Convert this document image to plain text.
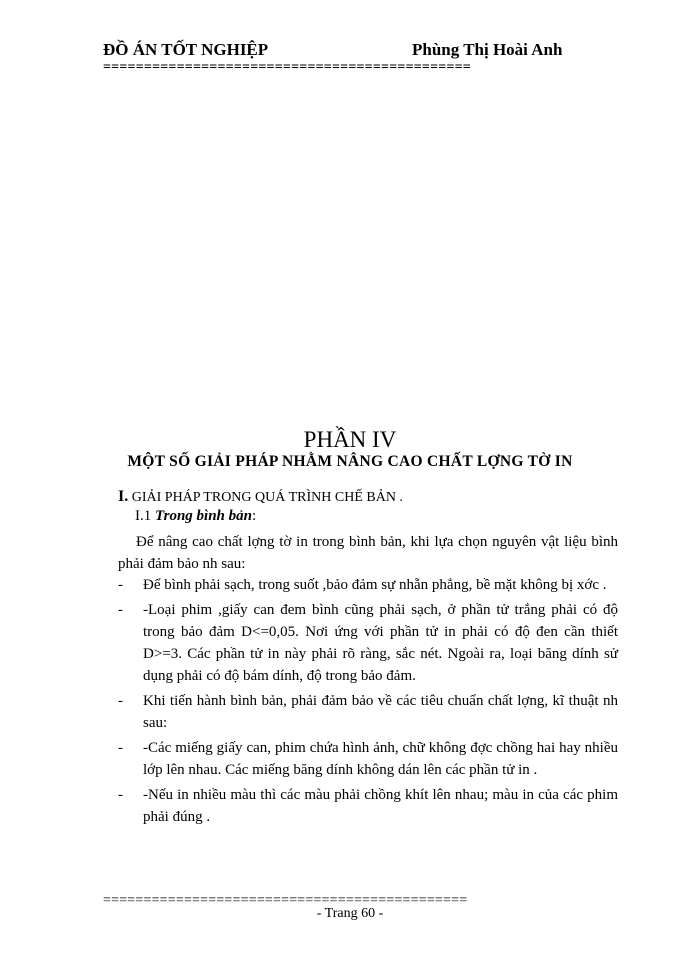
ĐỒ ÁN TỐT NGHIỆP	Phùng Thị Hoài Anh
=============================================
PHẦN IV
MỘT SỐ GIẢI PHÁP NHẰM NÂNG CAO CHẤT LỢNG TỜ IN
I. GIẢI PHÁP TRONG QUÁ TRÌNH CHẾ BẢN .
I.1 Trong bình bản:
Để nâng cao chất lợng tờ in trong bình bản, khi lựa chọn nguyên vật liệu bình phải đảm bảo nh sau:
-	Để bình phải sạch, trong suốt ,bảo đảm sự nhẵn phẳng, bề mặt không bị xớc .
-	-Loại phim ,giấy can đem bình cũng phải sạch, ở phần tử trắng phải có độ trong bảo đảm D<=0,05. Nơi ứng với phần tử in phải có độ đen cần thiết D>=3. Các phần tử in này phải rõ ràng, sắc nét. Ngoài ra, loại băng dính sử dụng phải có độ bám dính, độ trong bảo đảm.
-	Khi tiến hành bình bản, phải đảm bảo về các tiêu chuẩn chất lợng, kĩ thuật nh sau:
-	-Các miếng giấy can, phim chứa hình ảnh, chữ không đợc chồng hai hay nhiều lớp lên nhau. Các miếng băng dính không dán lên các phần tử in .
-	-Nếu in nhiều màu thì các màu phải chồng khít lên nhau; màu in của các phim phải đúng .
=============================================
- Trang 60 -
